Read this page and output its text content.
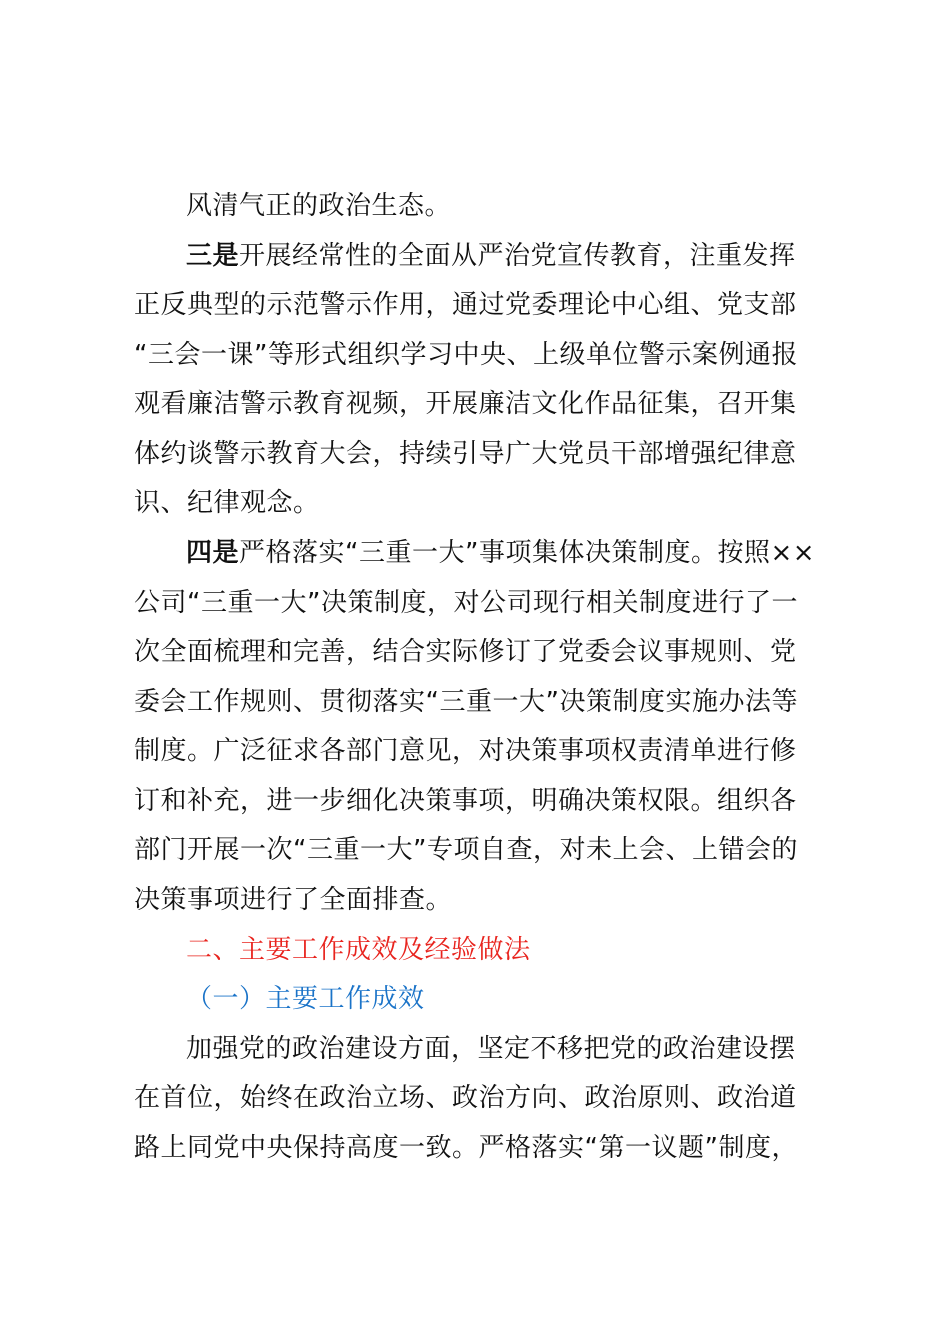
风清气正的政治生态。
三是开展经常性的全面从严治党宣传教育，注重发挥
正反典型的示范警示作用，通过党委理论中心组、党支部
“三会一课”等形式组织学习中央、上级单位警示案例通报
观看廉洁警示教育视频，开展廉洁文化作品征集，召开集
体约谈警示教育大会，持续引导广大党员干部增强纪律意
识、纪律观念。
四是严格落实“三重一大”事项集体决策制度。按照××
公司“三重一大”决策制度，对公司现行相关制度进行了一
次全面梳理和完善，结合实际修订了党委会议事规则、党
委会工作规则、贯彻落实“三重一大”决策制度实施办法等
制度。广泛征求各部门意见，对决策事项权责清单进行修
订和补充，进一步细化决策事项，明确决策权限。组织各
部门开展一次“三重一大”专项自查，对未上会、上错会的
决策事项进行了全面排查。
二、主要工作成效及经验做法
（一）主要工作成效
加强党的政治建设方面，坚定不移把党的政治建设摆
在首位，始终在政治立场、政治方向、政治原则、政治道
路上同党中央保持高度一致。严格落实“第一议题”制度，
